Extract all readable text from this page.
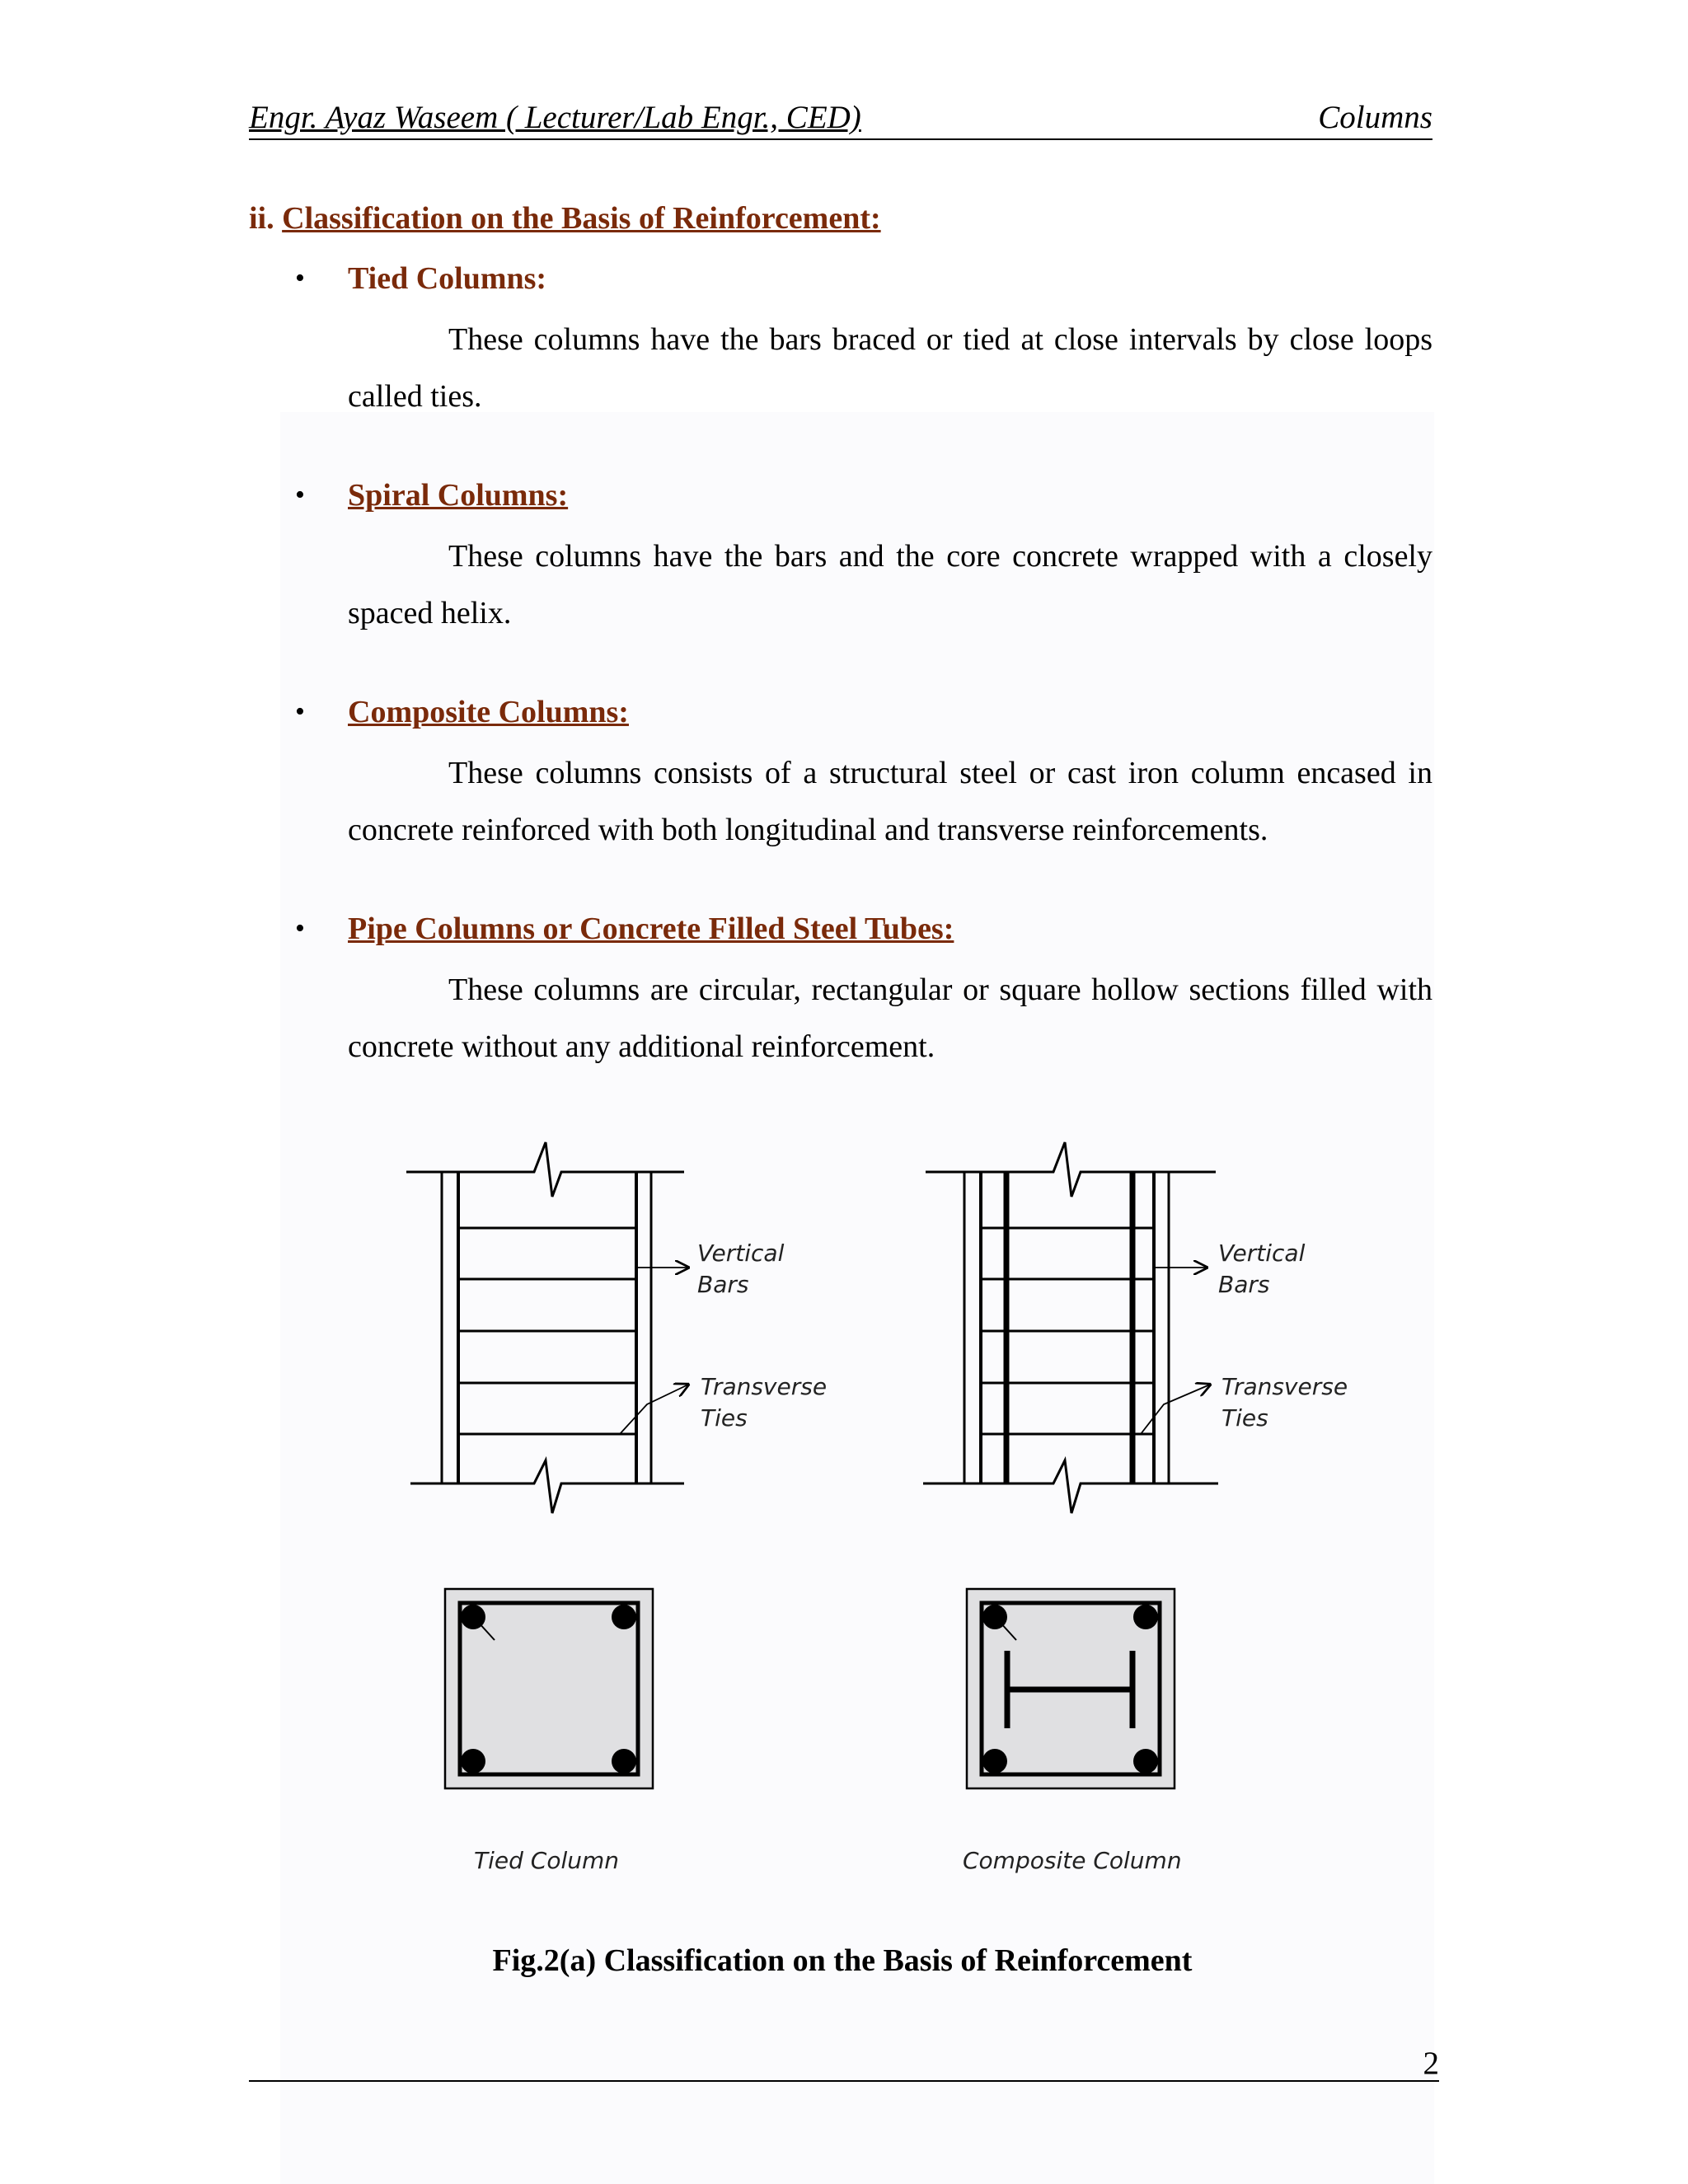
Engr. Ayaz Waseem ( Lecturer/Lab Engr., CED)	Columns
ii. Classification on the Basis of Reinforcement:
• Tied Columns:

These columns have the bars braced or tied at close intervals by close loops called ties.

• Spiral Columns:

These columns have the bars and the core concrete wrapped with a closely spaced helix.

• Composite Columns:

These columns consists of a structural steel or cast iron column encased in concrete reinforced with both longitudinal and transverse reinforcements.

• Pipe Columns or Concrete Filled Steel Tubes:

These columns are circular, rectangular or square hollow sections filled with concrete without any additional reinforcement.

Vertical
Bars
Transverse
Ties
Vertical
Bars
Transverse
Ties
Tied Column	Composite Column
Fig.2(a) Classification on the Basis of Reinforcement
2
